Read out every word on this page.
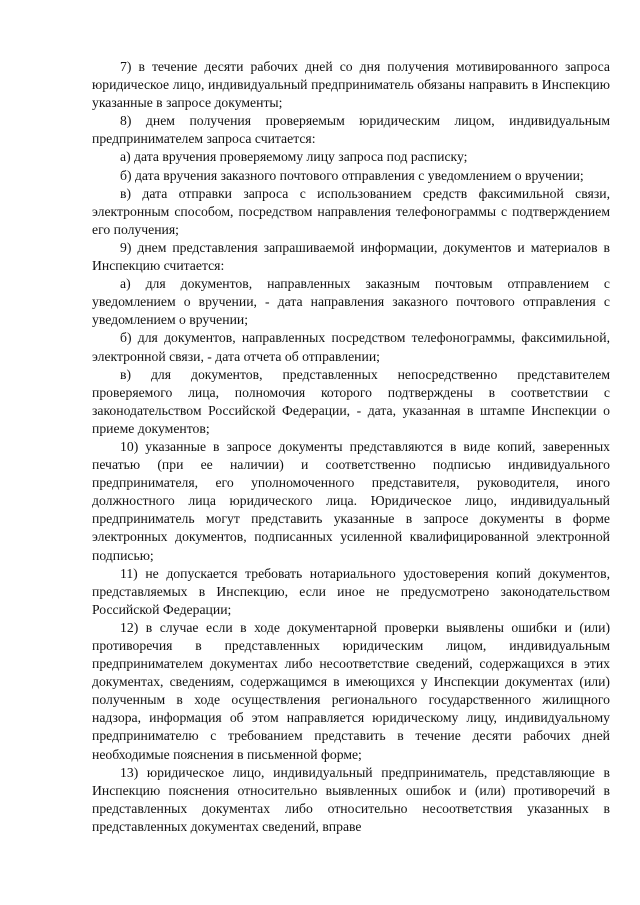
7) в течение десяти рабочих дней со дня получения мотивированного запроса юридическое лицо, индивидуальный предприниматель обязаны направить в Инспекцию указанные в запросе документы;

8) днем получения проверяемым юридическим лицом, индивидуальным предпринимателем запроса считается:

а) дата вручения проверяемому лицу запроса под расписку;

б) дата вручения заказного почтового отправления с уведомлением о вручении;

в) дата отправки запроса с использованием средств факсимильной связи, электронным способом, посредством направления телефонограммы с подтверждением его получения;

9) днем представления запрашиваемой информации, документов и материалов в Инспекцию считается:

а) для документов, направленных заказным почтовым отправлением с уведомлением о вручении, - дата направления заказного почтового отправления с уведомлением о вручении;

б) для документов, направленных посредством телефонограммы, факсимильной, электронной связи, - дата отчета об отправлении;

в) для документов, представленных непосредственно представителем проверяемого лица, полномочия которого подтверждены в соответствии с законодательством Российской Федерации, - дата, указанная в штампе Инспекции о приеме документов;

10) указанные в запросе документы представляются в виде копий, заверенных печатью (при ее наличии) и соответственно подписью индивидуального предпринимателя, его уполномоченного представителя, руководителя, иного должностного лица юридического лица. Юридическое лицо, индивидуальный предприниматель могут представить указанные в запросе документы в форме электронных документов, подписанных усиленной квалифицированной электронной подписью;

11) не допускается требовать нотариального удостоверения копий документов, представляемых в Инспекцию, если иное не предусмотрено законодательством Российской Федерации;

12) в случае если в ходе документарной проверки выявлены ошибки и (или) противоречия в представленных юридическим лицом, индивидуальным предпринимателем документах либо несоответствие сведений, содержащихся в этих документах, сведениям, содержащимся в имеющихся у Инспекции документах (или) полученным в ходе осуществления регионального государственного жилищного надзора, информация об этом направляется юридическому лицу, индивидуальному предпринимателю с требованием представить в течение десяти рабочих дней необходимые пояснения в письменной форме;

13) юридическое лицо, индивидуальный предприниматель, представляющие в Инспекцию пояснения относительно выявленных ошибок и (или) противоречий в представленных документах либо относительно несоответствия указанных в представленных документах сведений, вправе
